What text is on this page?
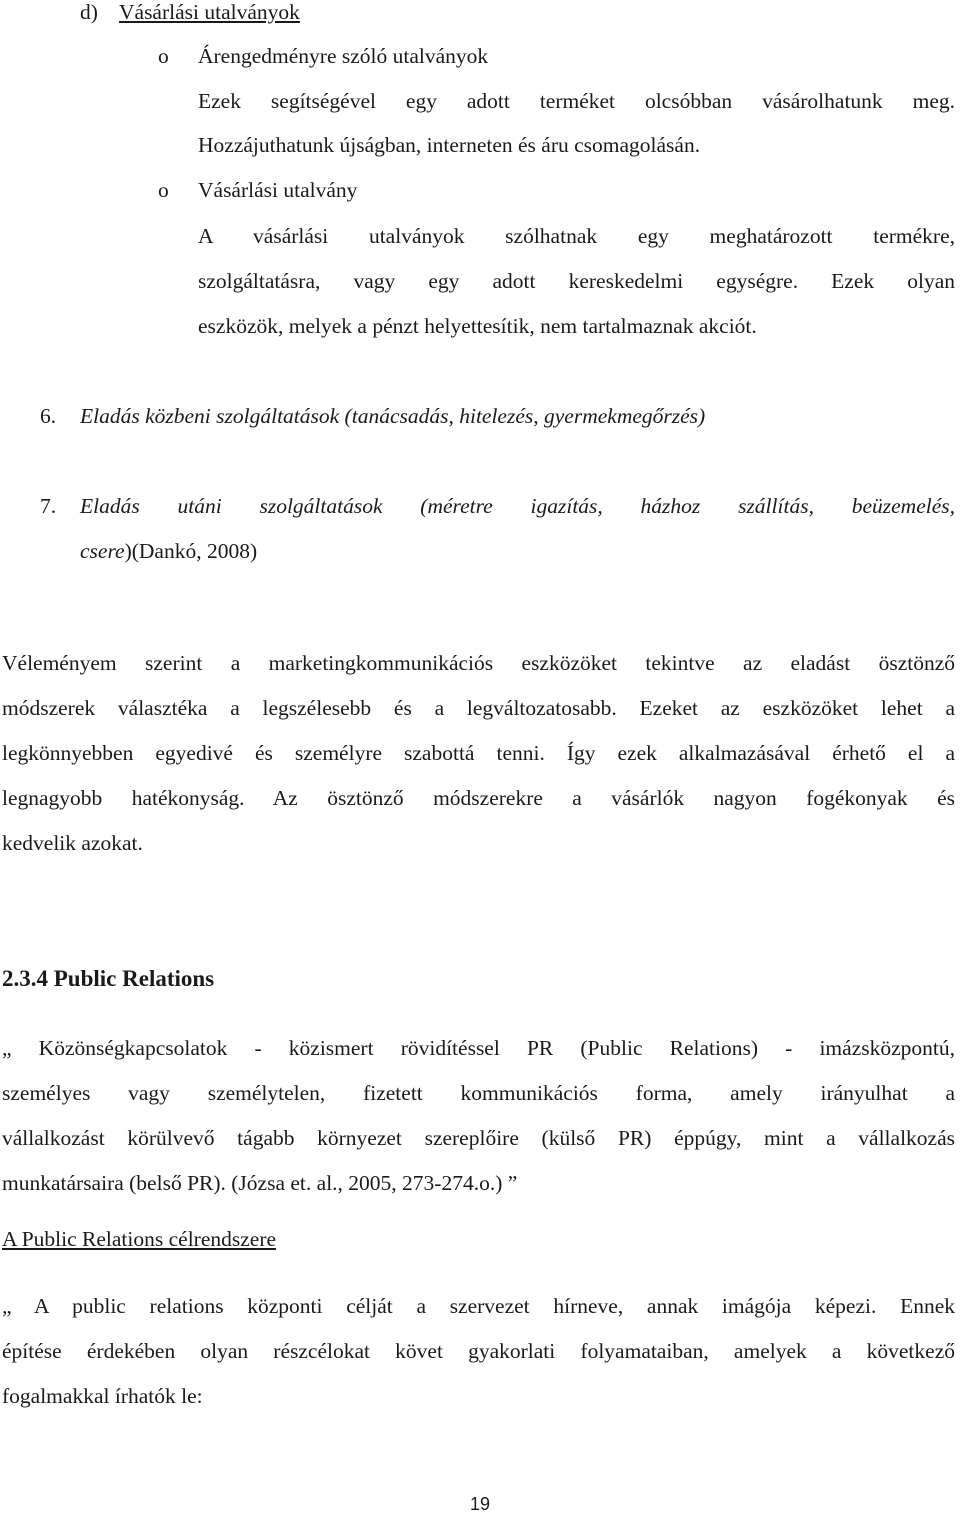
d) Vásárlási utalványok
o Árengedményre szóló utalványok
Ezek segítségével egy adott terméket olcsóbban vásárolhatunk meg.
Hozzájuthatunk újságban, interneten és áru csomagolásán.
o Vásárlási utalvány
A vásárlási utalványok szólhatnak egy meghatározott termékre,
szolgáltatásra, vagy egy adott kereskedelmi egységre. Ezek olyan
eszközök, melyek a pénzt helyettesítik, nem tartalmaznak akciót.
6. Eladás közbeni szolgáltatások (tanácsadás, hitelezés, gyermekmegőrzés)
7. Eladás utáni szolgáltatások (méretre igazítás, házhoz szállítás, beüzemelés,
csere)(Dankó, 2008)
Véleményem szerint a marketingkommunikációs eszközöket tekintve az eladást ösztönző
módszerek választéka a legszélesebb és a legváltozatosabb. Ezeket az eszközöket lehet a
legkönnyebben egyedivé és személyre szabottá tenni. Így ezek alkalmazásával érhető el a
legnagyobb hatékonyság. Az ösztönző módszerekre a vásárlók nagyon fogékonyak és
kedvelik azokat.
2.3.4 Public Relations
„ Közönségkapcsolatok - közismert rövidítéssel PR (Public Relations) - imázsközpontú,
személyes vagy személytelen, fizetett kommunikációs forma, amely irányulhat a
vállalkozást körülvevő tágabb környezet szereplőire (külső PR) éppúgy, mint a vállalkozás
munkatársaira (belső PR). (Józsa et. al., 2005, 273-274.o.) ”
A Public Relations célrendszere
„ A public relations központi célját a szervezet hírneve, annak imágója képezi. Ennek
építése érdekében olyan részcélokat követ gyakorlati folyamataiban, amelyek a következő
fogalmakkal írhatók le:
19
